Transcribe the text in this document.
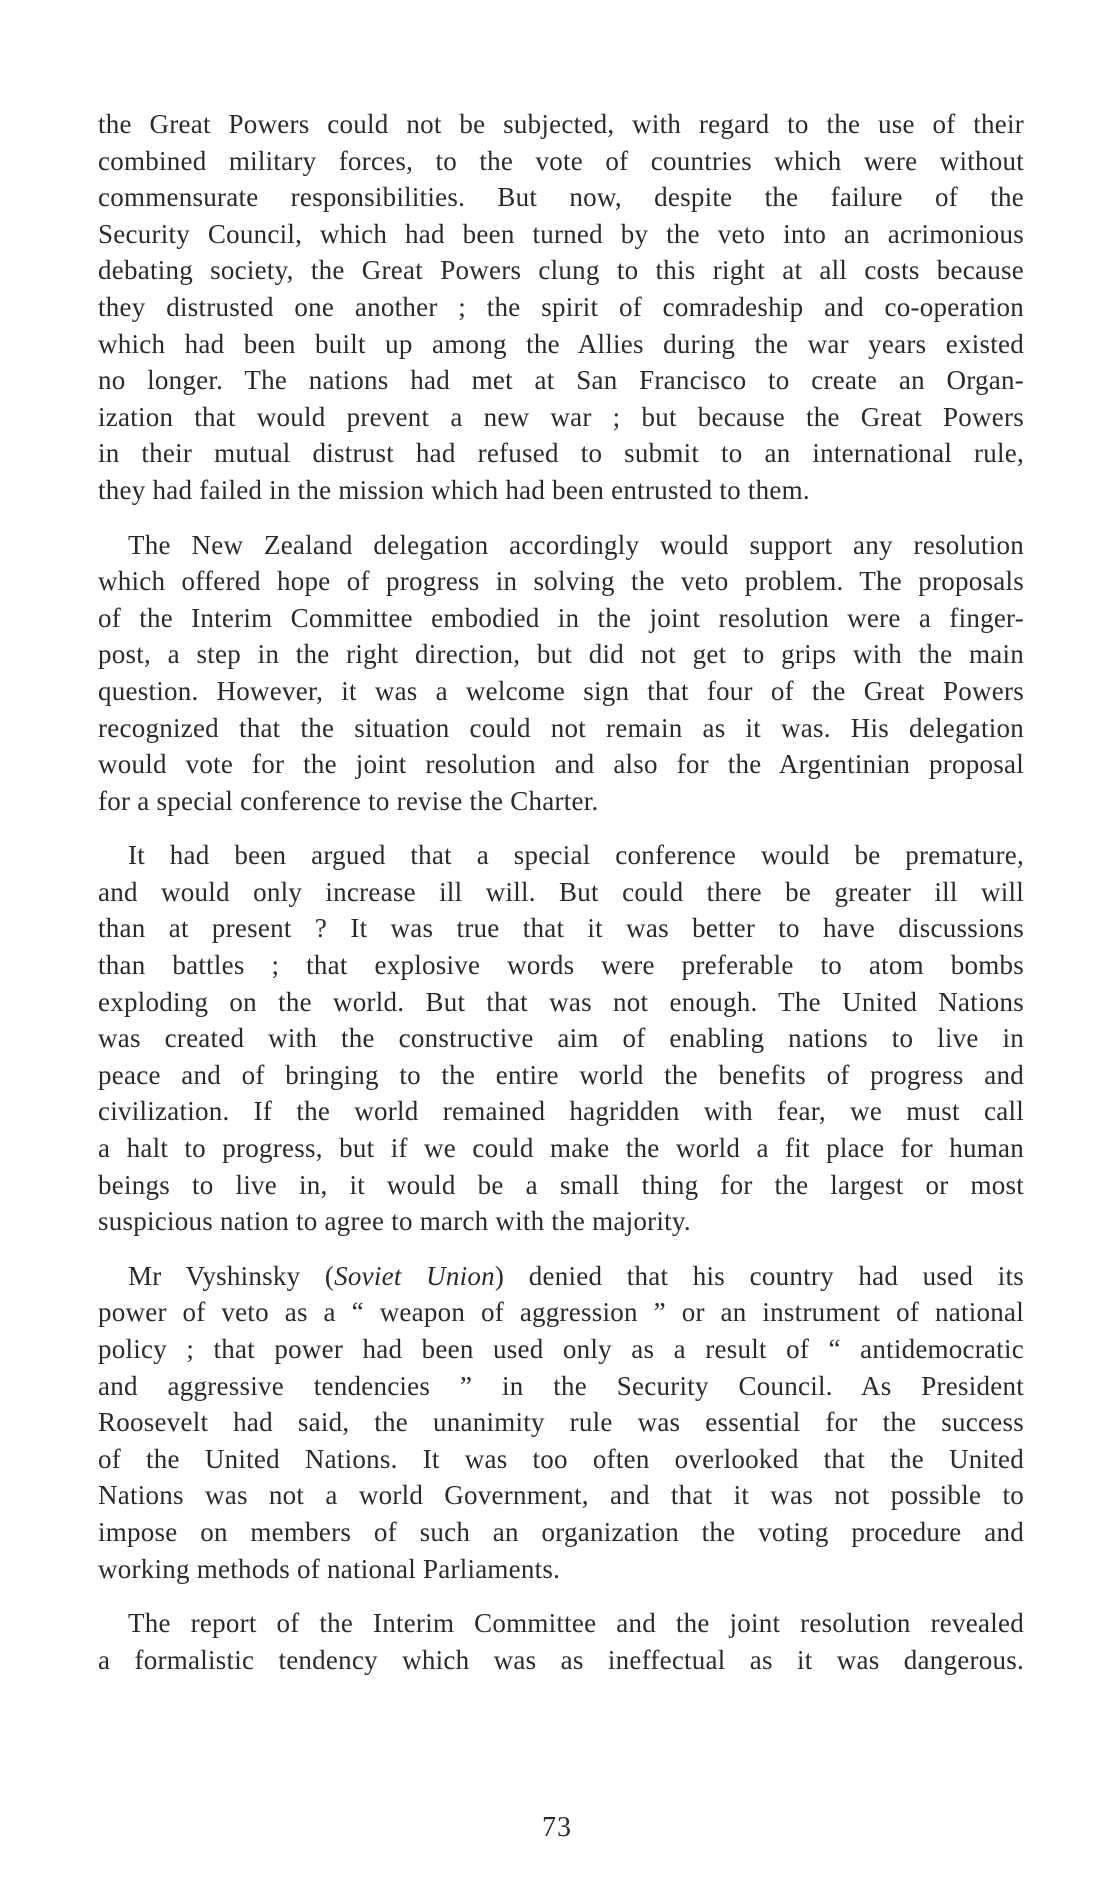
the Great Powers could not be subjected, with regard to the use of their
combined military forces, to the vote of countries which were without
commensurate responsibilities. But now, despite the failure of the
Security Council, which had been turned by the veto into an acrimonious
debating society, the Great Powers clung to this right at all costs because
they distrusted one another ; the spirit of comradeship and co-operation
which had been built up among the Allies during the war years existed
no longer. The nations had met at San Francisco to create an Organ-
ization that would prevent a new war ; but because the Great Powers
in their mutual distrust had refused to submit to an international rule,
they had failed in the mission which had been entrusted to them.

The New Zealand delegation accordingly would support any resolution
which offered hope of progress in solving the veto problem. The proposals
of the Interim Committee embodied in the joint resolution were a finger-
post, a step in the right direction, but did not get to grips with the main
question. However, it was a welcome sign that four of the Great Powers
recognized that the situation could not remain as it was. His delegation
would vote for the joint resolution and also for the Argentinian proposal
for a special conference to revise the Charter.

It had been argued that a special conference would be premature,
and would only increase ill will. But could there be greater ill will
than at present ? It was true that it was better to have discussions
than battles ; that explosive words were preferable to atom bombs
exploding on the world. But that was not enough. The United Nations
was created with the constructive aim of enabling nations to live in
peace and of bringing to the entire world the benefits of progress and
civilization. If the world remained hagridden with fear, we must call
a halt to progress, but if we could make the world a fit place for human
beings to live in, it would be a small thing for the largest or most
suspicious nation to agree to march with the majority.

Mr Vyshinsky (Soviet Union) denied that his country had used its
power of veto as a “ weapon of aggression ” or an instrument of national
policy ; that power had been used only as a result of “ antidemocratic
and aggressive tendencies ” in the Security Council. As President
Roosevelt had said, the unanimity rule was essential for the success
of the United Nations. It was too often overlooked that the United
Nations was not a world Government, and that it was not possible to
impose on members of such an organization the voting procedure and
working methods of national Parliaments.

The report of the Interim Committee and the joint resolution revealed
a formalistic tendency which was as ineffectual as it was dangerous.

73
